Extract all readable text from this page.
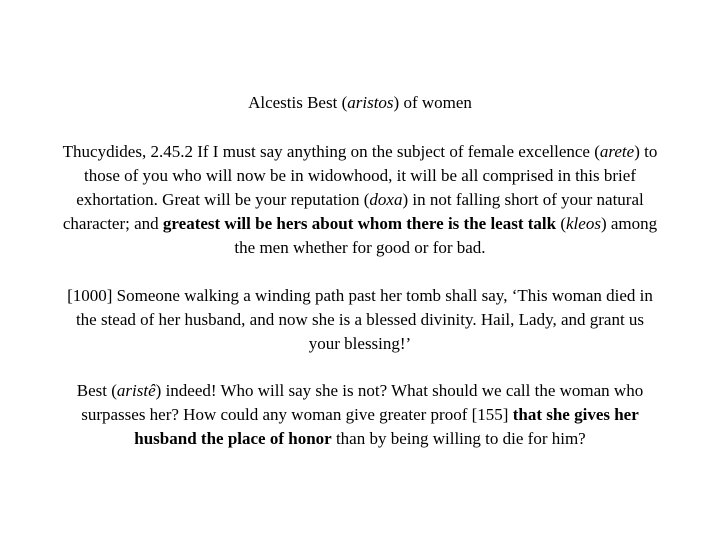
Alcestis Best (aristos) of women
Thucydides, 2.45.2 If I must say anything on the subject of female excellence (arete) to
those of you who will now be in widowhood, it will be all comprised in this brief
exhortation. Great will be your reputation (doxa) in not falling short of your natural
character; and greatest will be hers about whom there is the least talk (kleos) among
the men whether for good or for bad.
[1000] Someone walking a winding path past her tomb shall say, ‘This woman died in
the stead of her husband, and now she is a blessed divinity. Hail, Lady, and grant us
your blessing!’
Best (aristê) indeed! Who will say she is not? What should we call the woman who
surpasses her? How could any woman give greater proof [155] that she gives her
husband the place of honor than by being willing to die for him?
